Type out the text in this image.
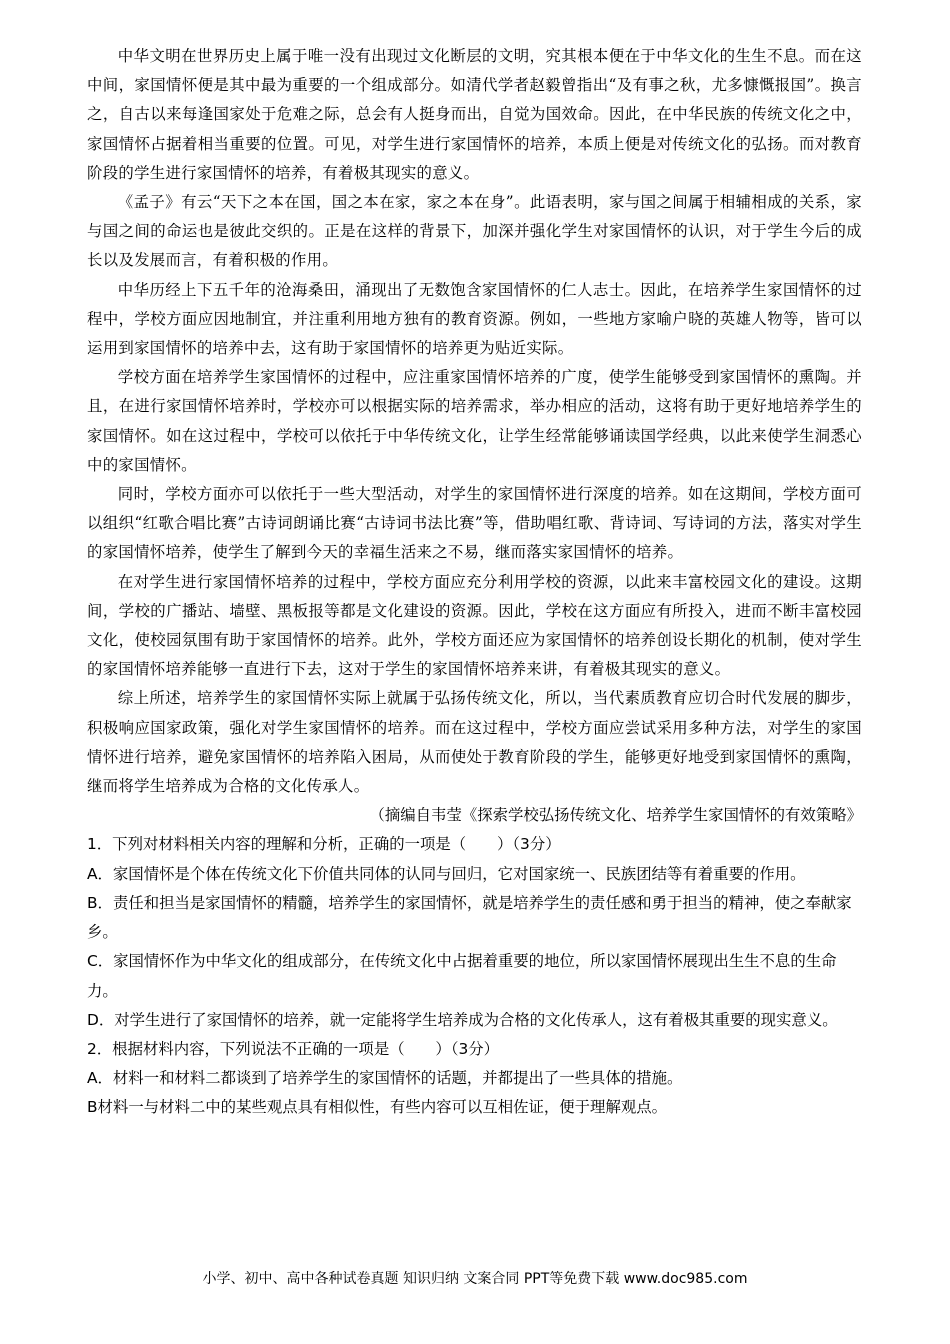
中华文明在世界历史上属于唯一没有出现过文化断层的文明，究其根本便在于中华文化的生生不息。而在这中间，家国情怀便是其中最为重要的一个组成部分。如清代学者赵毅曾指出“及有事之秋，尤多慷慨报国”。换言之，自古以来每逢国家处于危难之际，总会有人挺身而出，自觉为国效命。因此，在中华民族的传统文化之中，家国情怀占据着相当重要的位置。可见，对学生进行家国情怀的培养，本质上便是对传统文化的弘扬。而对教育阶段的学生进行家国情怀的培养，有着极其现实的意义。

《孟子》有云“天下之本在国，国之本在家，家之本在身”。此语表明，家与国之间属于相辅相成的关系，家与国之间的命运也是彼此交织的。正是在这样的背景下，加深并强化学生对家国情怀的认识，对于学生今后的成长以及发展而言，有着积极的作用。

中华历经上下五千年的沧海桑田，涌现出了无数饱含家国情怀的仁人志士。因此，在培养学生家国情怀的过程中，学校方面应因地制宜，并注重利用地方独有的教育资源。例如，一些地方家喻户晓的英雄人物等，皆可以运用到家国情怀的培养中去，这有助于家国情怀的培养更为贴近实际。

学校方面在培养学生家国情怀的过程中，应注重家国情怀培养的广度，使学生能够受到家国情怀的熏陶。并且，在进行家国情怀培养时，学校亦可以根据实际的培养需求，举办相应的活动，这将有助于更好地培养学生的家国情怀。如在这过程中，学校可以依托于中华传统文化，让学生经常能够诵读国学经典，以此来使学生洞悉心中的家国情怀。

同时，学校方面亦可以依托于一些大型活动，对学生的家国情怀进行深度的培养。如在这期间，学校方面可以组织“红歌合唱比赛”古诗词朗诵比赛“古诗词书法比赛”等，借助唱红歌、背诗词、写诗词的方法，落实对学生的家国情怀培养，使学生了解到今天的幸福生活来之不易，继而落实家国情怀的培养。

在对学生进行家国情怀培养的过程中，学校方面应充分利用学校的资源，以此来丰富校园文化的建设。这期间，学校的广播站、墙壁、黑板报等都是文化建设的资源。因此，学校在这方面应有所投入，进而不断丰富校园文化，使校园氛围有助于家国情怀的培养。此外，学校方面还应为家国情怀的培养创设长期化的机制，使对学生的家国情怀培养能够一直进行下去，这对于学生的家国情怀培养来讲，有着极其现实的意义。

综上所述，培养学生的家国情怀实际上就属于弘扬传统文化，所以，当代素质教育应切合时代发展的脚步，积极响应国家政策，强化对学生家国情怀的培养。而在这过程中，学校方面应尝试采用多种方法，对学生的家国情怀进行培养，避免家国情怀的培养陷入困局，从而使处于教育阶段的学生，能够更好地受到家国情怀的熏陶，继而将学生培养成为合格的文化传承人。

（摘编自韦莹《探索学校弘扬传统文化、培养学生家国情怀的有效策略》

1．下列对材料相关内容的理解和分析，正确的一项是（　　）（3分）

A．家国情怀是个体在传统文化下价值共同体的认同与回归，它对国家统一、民族团结等有着重要的作用。

B．责任和担当是家国情怀的精髓，培养学生的家国情怀，就是培养学生的责任感和勇于担当的精神，使之奉献家乡。

C．家国情怀作为中华文化的组成部分，在传统文化中占据着重要的地位，所以家国情怀展现出生生不息的生命力。

D．对学生进行了家国情怀的培养，就一定能将学生培养成为合格的文化传承人，这有着极其重要的现实意义。

2．根据材料内容，下列说法不正确的一项是（　　）（3分）

A．材料一和材料二都谈到了培养学生的家国情怀的话题，并都提出了一些具体的措施。

B材料一与材料二中的某些观点具有相似性，有些内容可以互相佐证，便于理解观点。

小学、初中、高中各种试卷真题 知识归纳 文案合同 PPT等免费下载 www.doc985.com
